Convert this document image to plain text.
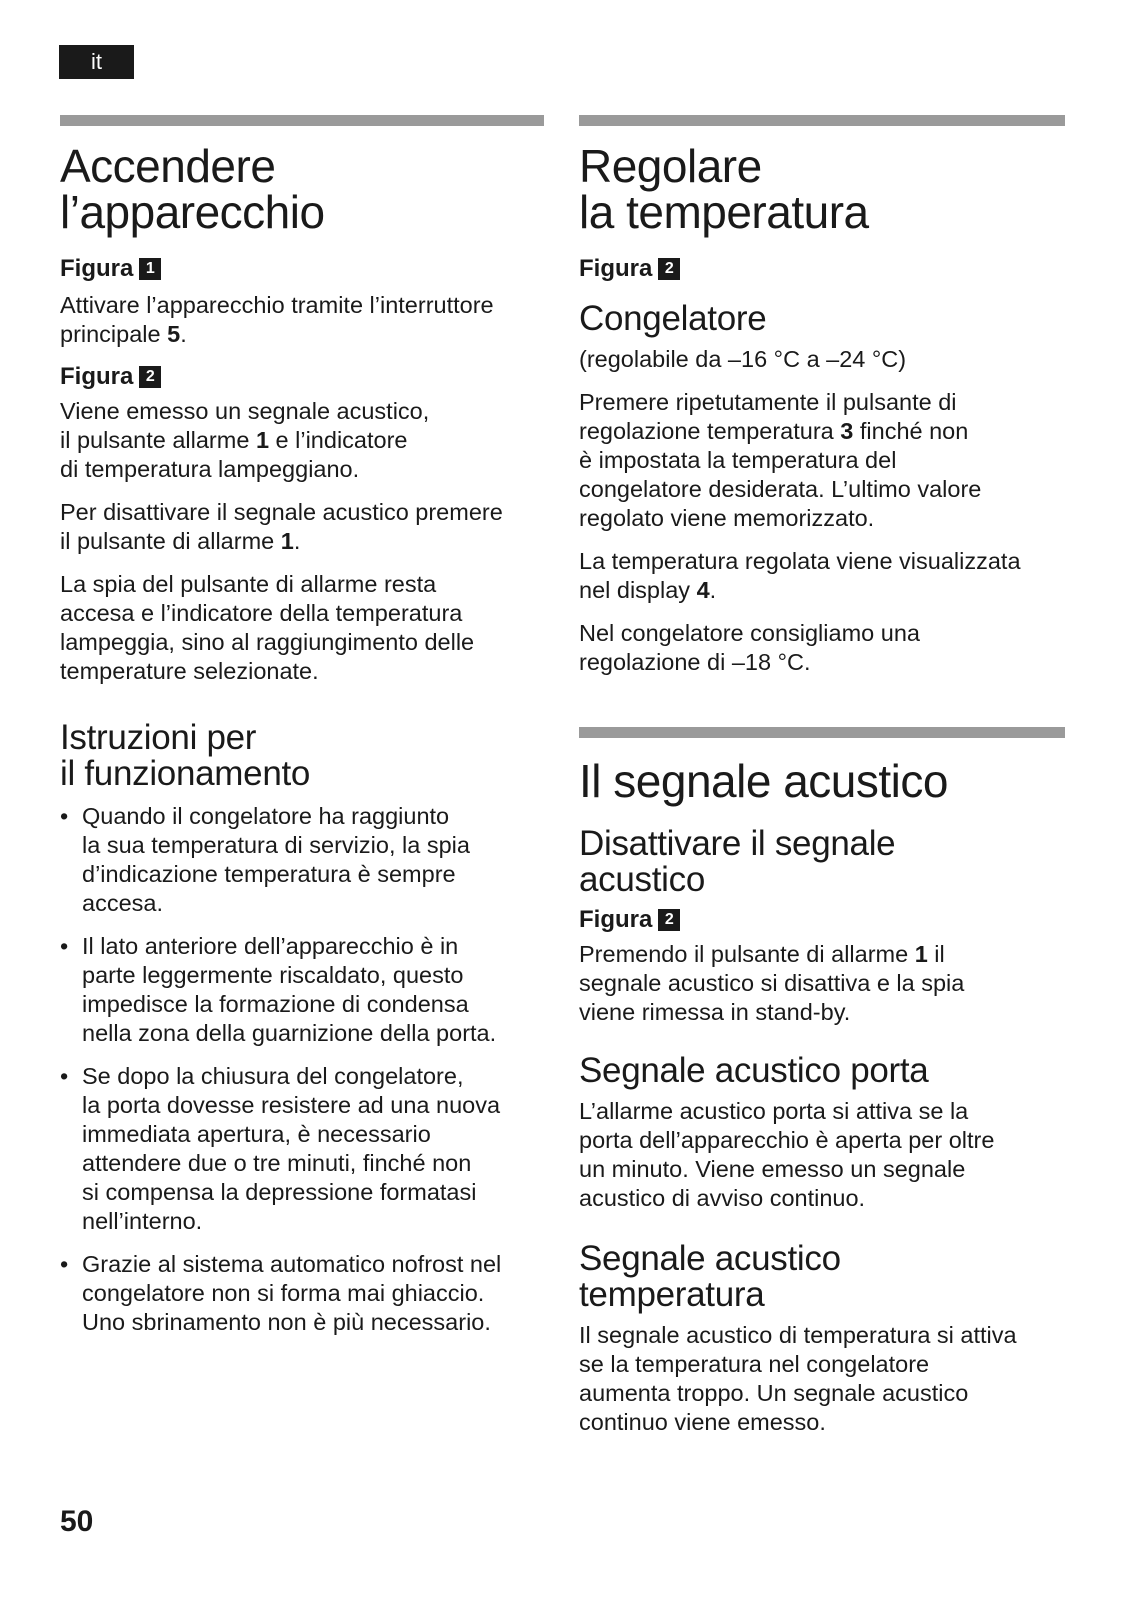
it
Accendere
l’apparecchio
Figura 1

Attivare l’apparecchio tramite l’interruttore
principale 5.

Figura 2

Viene emesso un segnale acustico,
il pulsante allarme 1 e l’indicatore
di temperatura lampeggiano.

Per disattivare il segnale acustico premere
il pulsante di allarme 1.

La spia del pulsante di allarme resta
accesa e l’indicatore della temperatura
lampeggia, sino al raggiungimento delle
temperature selezionate.

Istruzioni per
il funzionamento
• Quando il congelatore ha raggiunto
la sua temperatura di servizio, la spia
d’indicazione temperatura è sempre
accesa.
• Il lato anteriore dell’apparecchio è in
parte leggermente riscaldato, questo
impedisce la formazione di condensa
nella zona della guarnizione della porta.
• Se dopo la chiusura del congelatore,
la porta dovesse resistere ad una nuova
immediata apertura, è necessario
attendere due o tre minuti, finché non
si compensa la depressione formatasi
nell’interno.
• Grazie al sistema automatico nofrost nel
congelatore non si forma mai ghiaccio.
Uno sbrinamento non è più necessario.
Regolare
la temperatura
Figura 2
Congelatore

(regolabile da –16 °C a –24 °C)

Premere ripetutamente il pulsante di
regolazione temperatura 3 finché non
è impostata la temperatura del
congelatore desiderata. L’ultimo valore
regolato viene memorizzato.

La temperatura regolata viene visualizzata
nel display 4.

Nel congelatore consigliamo una
regolazione di –18 °C.

Il segnale acustico
Disattivare il segnale
acustico
Figura 2

Premendo il pulsante di allarme 1 il
segnale acustico si disattiva e la spia
viene rimessa in stand-by.

Segnale acustico porta

L’allarme acustico porta si attiva se la
porta dell’apparecchio è aperta per oltre
un minuto. Viene emesso un segnale
acustico di avviso continuo.

Segnale acustico
temperatura

Il segnale acustico di temperatura si attiva
se la temperatura nel congelatore
aumenta troppo. Un segnale acustico
continuo viene emesso.

50
